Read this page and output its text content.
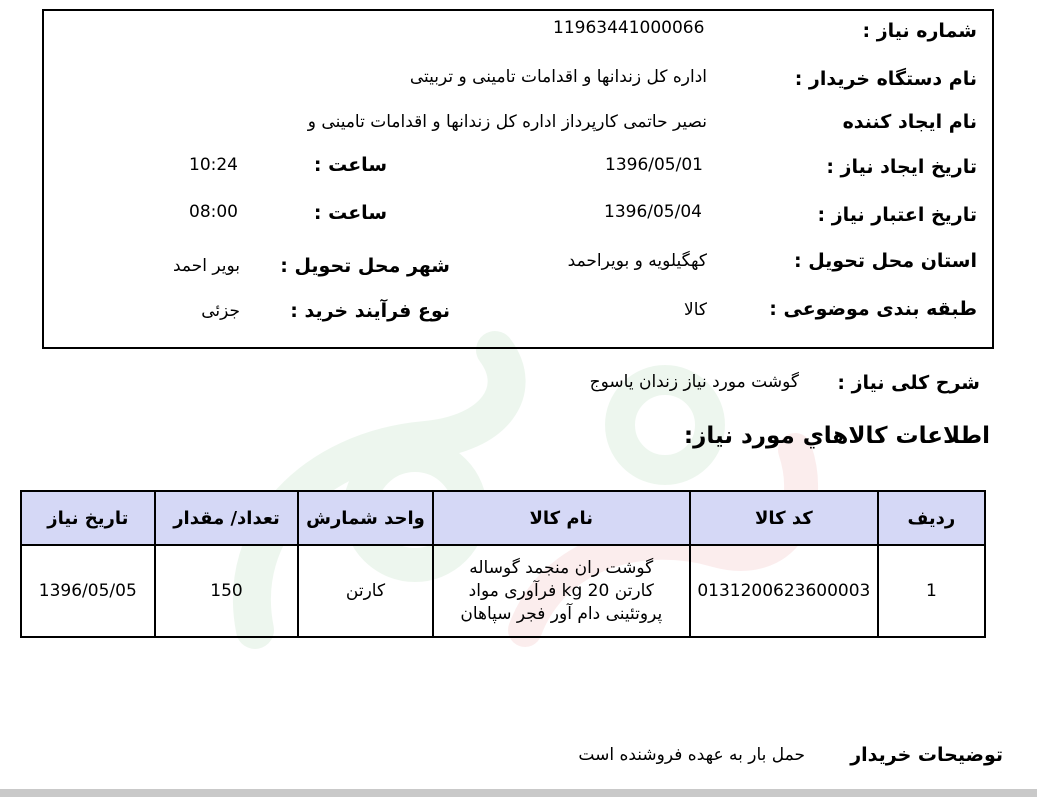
شماره نیاز :
11963441000066
نام دستگاه خریدار :
اداره کل زندانها و اقدامات تامینی و تربیتی
نام ایجاد کننده
نصیر حاتمی کارپرداز اداره کل زندانها و اقدامات تامینی و
تاریخ ایجاد نیاز :
1396/05/01
ساعت :
10:24
تاریخ اعتبار نیاز :
1396/05/04
ساعت :
08:00
استان محل تحویل :
کهگیلویه و بویراحمد
شهر محل تحویل :
بویر احمد
طبقه بندی موضوعی :
کالا
نوع فرآیند خرید :
جزئی
شرح کلی نیاز :
گوشت مورد نیاز زندان یاسوج
اطلاعات کالاهاي مورد نیاز:
ردیف	کد کالا	نام کالا	واحد شمارش	تعداد/ مقدار	تاریخ نیاز
1	0131200623600003	گوشت ران منجمد گوساله
کارتن 20 kg فرآوری مواد
پروتئینی دام آور فجر سپاهان	کارتن	150	1396/05/05
توضیحات خریدار
حمل بار به عهده فروشنده است
